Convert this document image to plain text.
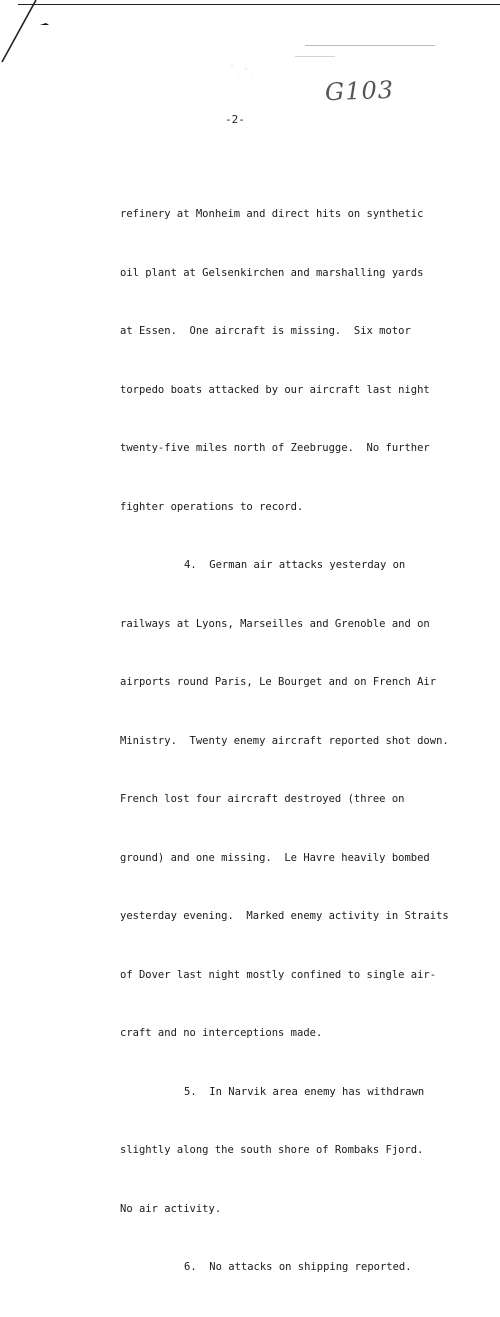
G103
-2-

refinery at Monheim and direct hits on synthetic

oil plant at Gelsenkirchen and marshalling yards

at Essen.  One aircraft is missing.  Six motor

torpedo boats attacked by our aircraft last night

twenty-five miles north of Zeebrugge.  No further

fighter operations to record.

4.  German air attacks yesterday on

railways at Lyons, Marseilles and Grenoble and on

airports round Paris, Le Bourget and on French Air

Ministry.  Twenty enemy aircraft reported shot down.

French lost four aircraft destroyed (three on

ground) and one missing.  Le Havre heavily bombed

yesterday evening.  Marked enemy activity in Straits

of Dover last night mostly confined to single air-

craft and no interceptions made.

5.  In Narvik area enemy has withdrawn

slightly along the south shore of Rombaks Fjord.

No air activity.

6.  No attacks on shipping reported.
